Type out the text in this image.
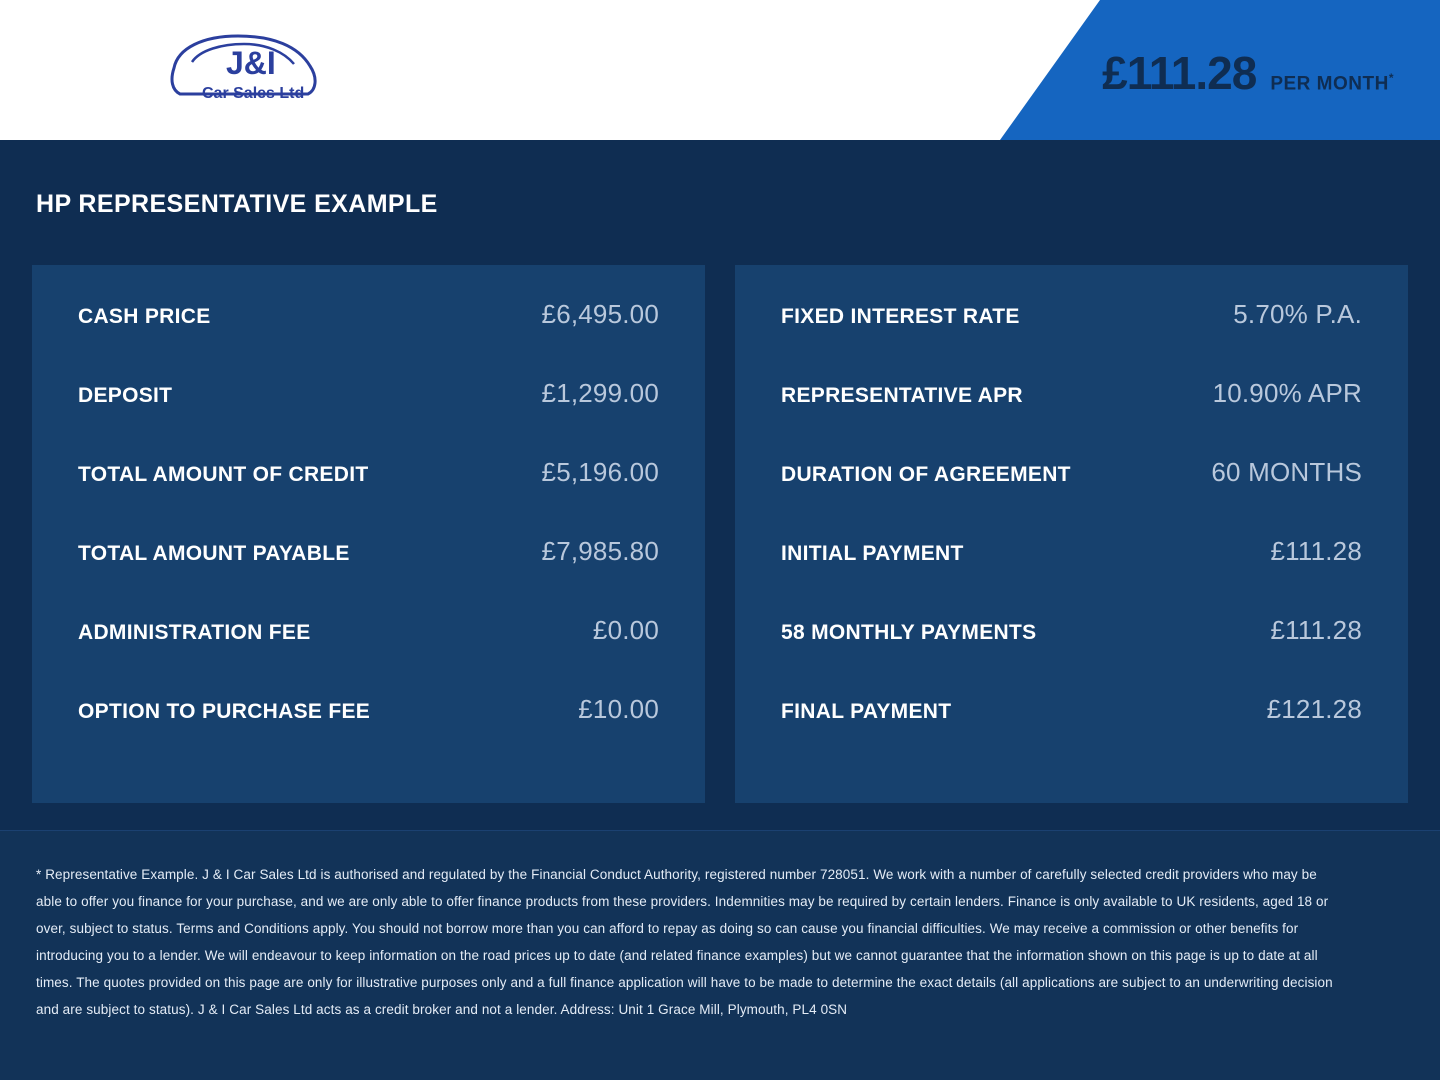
J&I
Car Sales Ltd	£111.28 PER MONTH*
HP REPRESENTATIVE EXAMPLE
CASH PRICE	£6,495.00
DEPOSIT	£1,299.00
TOTAL AMOUNT OF CREDIT	£5,196.00
TOTAL AMOUNT PAYABLE	£7,985.80
ADMINISTRATION FEE	£0.00
OPTION TO PURCHASE FEE	£10.00
FIXED INTEREST RATE	5.70% P.A.
REPRESENTATIVE APR	10.90% APR
DURATION OF AGREEMENT	60 MONTHS
INITIAL PAYMENT	£111.28
58 MONTHLY PAYMENTS	£111.28
FINAL PAYMENT	£121.28

* Representative Example. J & I Car Sales Ltd is authorised and regulated by the Financial Conduct Authority, registered number 728051. We work with a number of carefully selected credit providers who may be able to offer you finance for your purchase, and we are only able to offer finance products from these providers. Indemnities may be required by certain lenders. Finance is only available to UK residents, aged 18 or over, subject to status. Terms and Conditions apply. You should not borrow more than you can afford to repay as doing so can cause you financial difficulties. We may receive a commission or other benefits for introducing you to a lender. We will endeavour to keep information on the road prices up to date (and related finance examples) but we cannot guarantee that the information shown on this page is up to date at all times. The quotes provided on this page are only for illustrative purposes only and a full finance application will have to be made to determine the exact details (all applications are subject to an underwriting decision and are subject to status). J & I Car Sales Ltd acts as a credit broker and not a lender. Address: Unit 1 Grace Mill, Plymouth, PL4 0SN
